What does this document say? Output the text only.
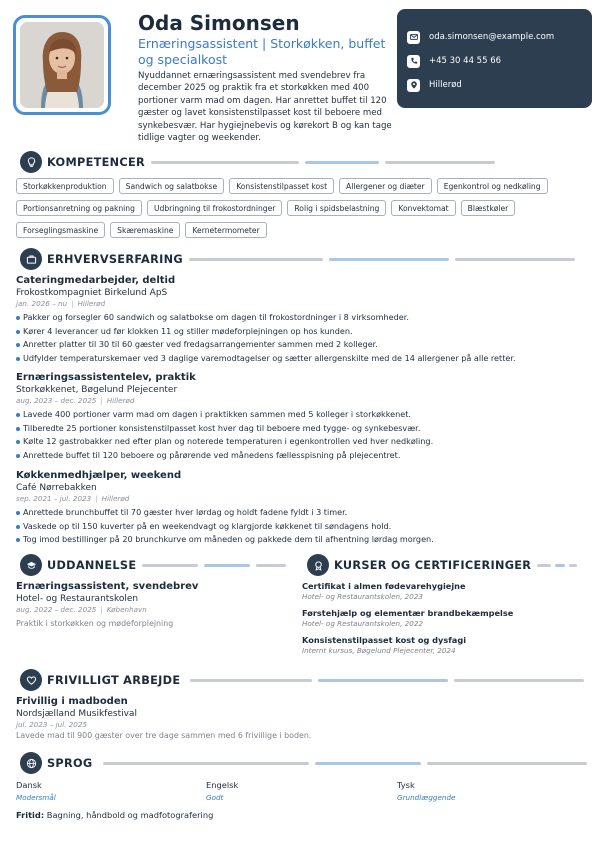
Oda Simonsen
Ernæringsassistent | Storkøkken, buffet og specialkost
Nyuddannet ernæringsassistent med svendebrev fra december 2025 og praktik fra et storkøkken med 400 portioner varm mad om dagen. Har anrettet buffet til 120 gæster og lavet konsistenstilpasset kost til beboere med synkebesvær. Har hygiejnebevis og kørekort B og kan tage tidlige vagter og weekender.
oda.simonsen@example.com
+45 30 44 55 66
Hillerød
KOMPETENCER
Storkøkkenproduktion	Sandwich og salatbokse	Konsistenstilpasset kost	Allergener og diæter	Egenkontrol og nedkøling
Portionsanretning og pakning	Udbringning til frokostordninger	Rolig i spidsbelastning	Konvektomat	Blæstkøler
Forseglingsmaskine	Skæremaskine	Kernetermometer
ERHVERVSERFARING
Cateringmedarbejder, deltid
Frokostkompagniet Birkelund ApS
jan. 2026 – nu | Hillerød
Pakker og forsegler 60 sandwich og salatbokse om dagen til frokostordninger i 8 virksomheder.
Kører 4 leverancer ud før klokken 11 og stiller mødeforplejningen op hos kunden.
Anretter platter til 30 til 60 gæster ved fredagsarrangementer sammen med 2 kolleger.
Udfylder temperaturskemaer ved 3 daglige varemodtagelser og sætter allergenskilte med de 14 allergener på alle retter.
Ernæringsassistentelev, praktik
Storkøkkenet, Bøgelund Plejecenter
aug. 2023 – dec. 2025 | Hillerød
Lavede 400 portioner varm mad om dagen i praktikken sammen med 5 kolleger i storkøkkenet.
Tilberedte 25 portioner konsistenstilpasset kost hver dag til beboere med tygge- og synkebesvær.
Kølte 12 gastrobakker ned efter plan og noterede temperaturen i egenkontrollen ved hver nedkøling.
Anrettede buffet til 120 beboere og pårørende ved månedens fællesspisning på plejecentret.
Køkkenmedhjælper, weekend
Café Nørrebakken
sep. 2021 – jul. 2023 | Hillerød
Anrettede brunchbuffet til 70 gæster hver lørdag og holdt fadene fyldt i 3 timer.
Vaskede op til 150 kuverter på en weekendvagt og klargjorde køkkenet til søndagens hold.
Tog imod bestillinger på 20 brunchkurve om måneden og pakkede dem til afhentning lørdag morgen.
UDDANNELSE
Ernæringsassistent, svendebrev
Hotel- og Restaurantskolen
aug. 2022 – dec. 2025 | København
Praktik i storkøkken og mødeforplejning
KURSER OG CERTIFICERINGER
Certifikat i almen fødevarehygiejne
Hotel- og Restaurantskolen, 2023
Førstehjælp og elementær brandbekæmpelse
Hotel- og Restaurantskolen, 2022
Konsistenstilpasset kost og dysfagi
Internt kursus, Bøgelund Plejecenter, 2024
FRIVILLIGT ARBEJDE
Frivillig i madboden
Nordsjælland Musikfestival
jul. 2023 – jul. 2025
Lavede mad til 900 gæster over tre dage sammen med 6 frivillige i boden.
SPROG
Dansk
Modersmål
Engelsk
Godt
Tysk
Grundlæggende
Fritid: Bagning, håndbold og madfotografering
